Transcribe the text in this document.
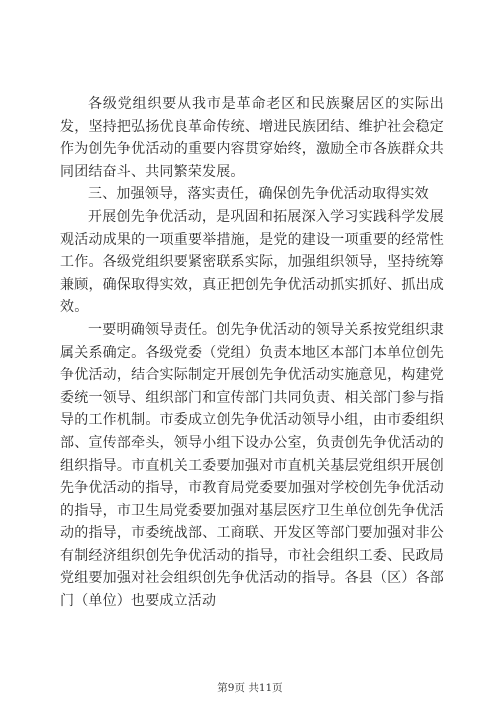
各级党组织要从我市是革命老区和民族聚居区的实际出发，坚持把弘扬优良革命传统、增进民族团结、维护社会稳定作为创先争优活动的重要内容贯穿始终，激励全市各族群众共同团结奋斗、共同繁荣发展。

三、加强领导，落实责任，确保创先争优活动取得实效

开展创先争优活动，是巩固和拓展深入学习实践科学发展观活动成果的一项重要举措施，是党的建设一项重要的经常性工作。各级党组织要紧密联系实际，加强组织领导，坚持统筹兼顾，确保取得实效，真正把创先争优活动抓实抓好、抓出成效。

一要明确领导责任。创先争优活动的领导关系按党组织隶属关系确定。各级党委（党组）负责本地区本部门本单位创先争优活动，结合实际制定开展创先争优活动实施意见，构建党委统一领导、组织部门和宣传部门共同负责、相关部门参与指导的工作机制。市委成立创先争优活动领导小组，由市委组织部、宣传部牵头，领导小组下设办公室，负责创先争优活动的组织指导。市直机关工委要加强对市直机关基层党组织开展创先争优活动的指导，市教育局党委要加强对学校创先争优活动的指导，市卫生局党委要加强对基层医疗卫生单位创先争优活动的指导，市委统战部、工商联、开发区等部门要加强对非公有制经济组织创先争优活动的指导，市社会组织工委、民政局党组要加强对社会组织创先争优活动的指导。各县（区）各部门（单位）也要成立活动

第9页 共11页
